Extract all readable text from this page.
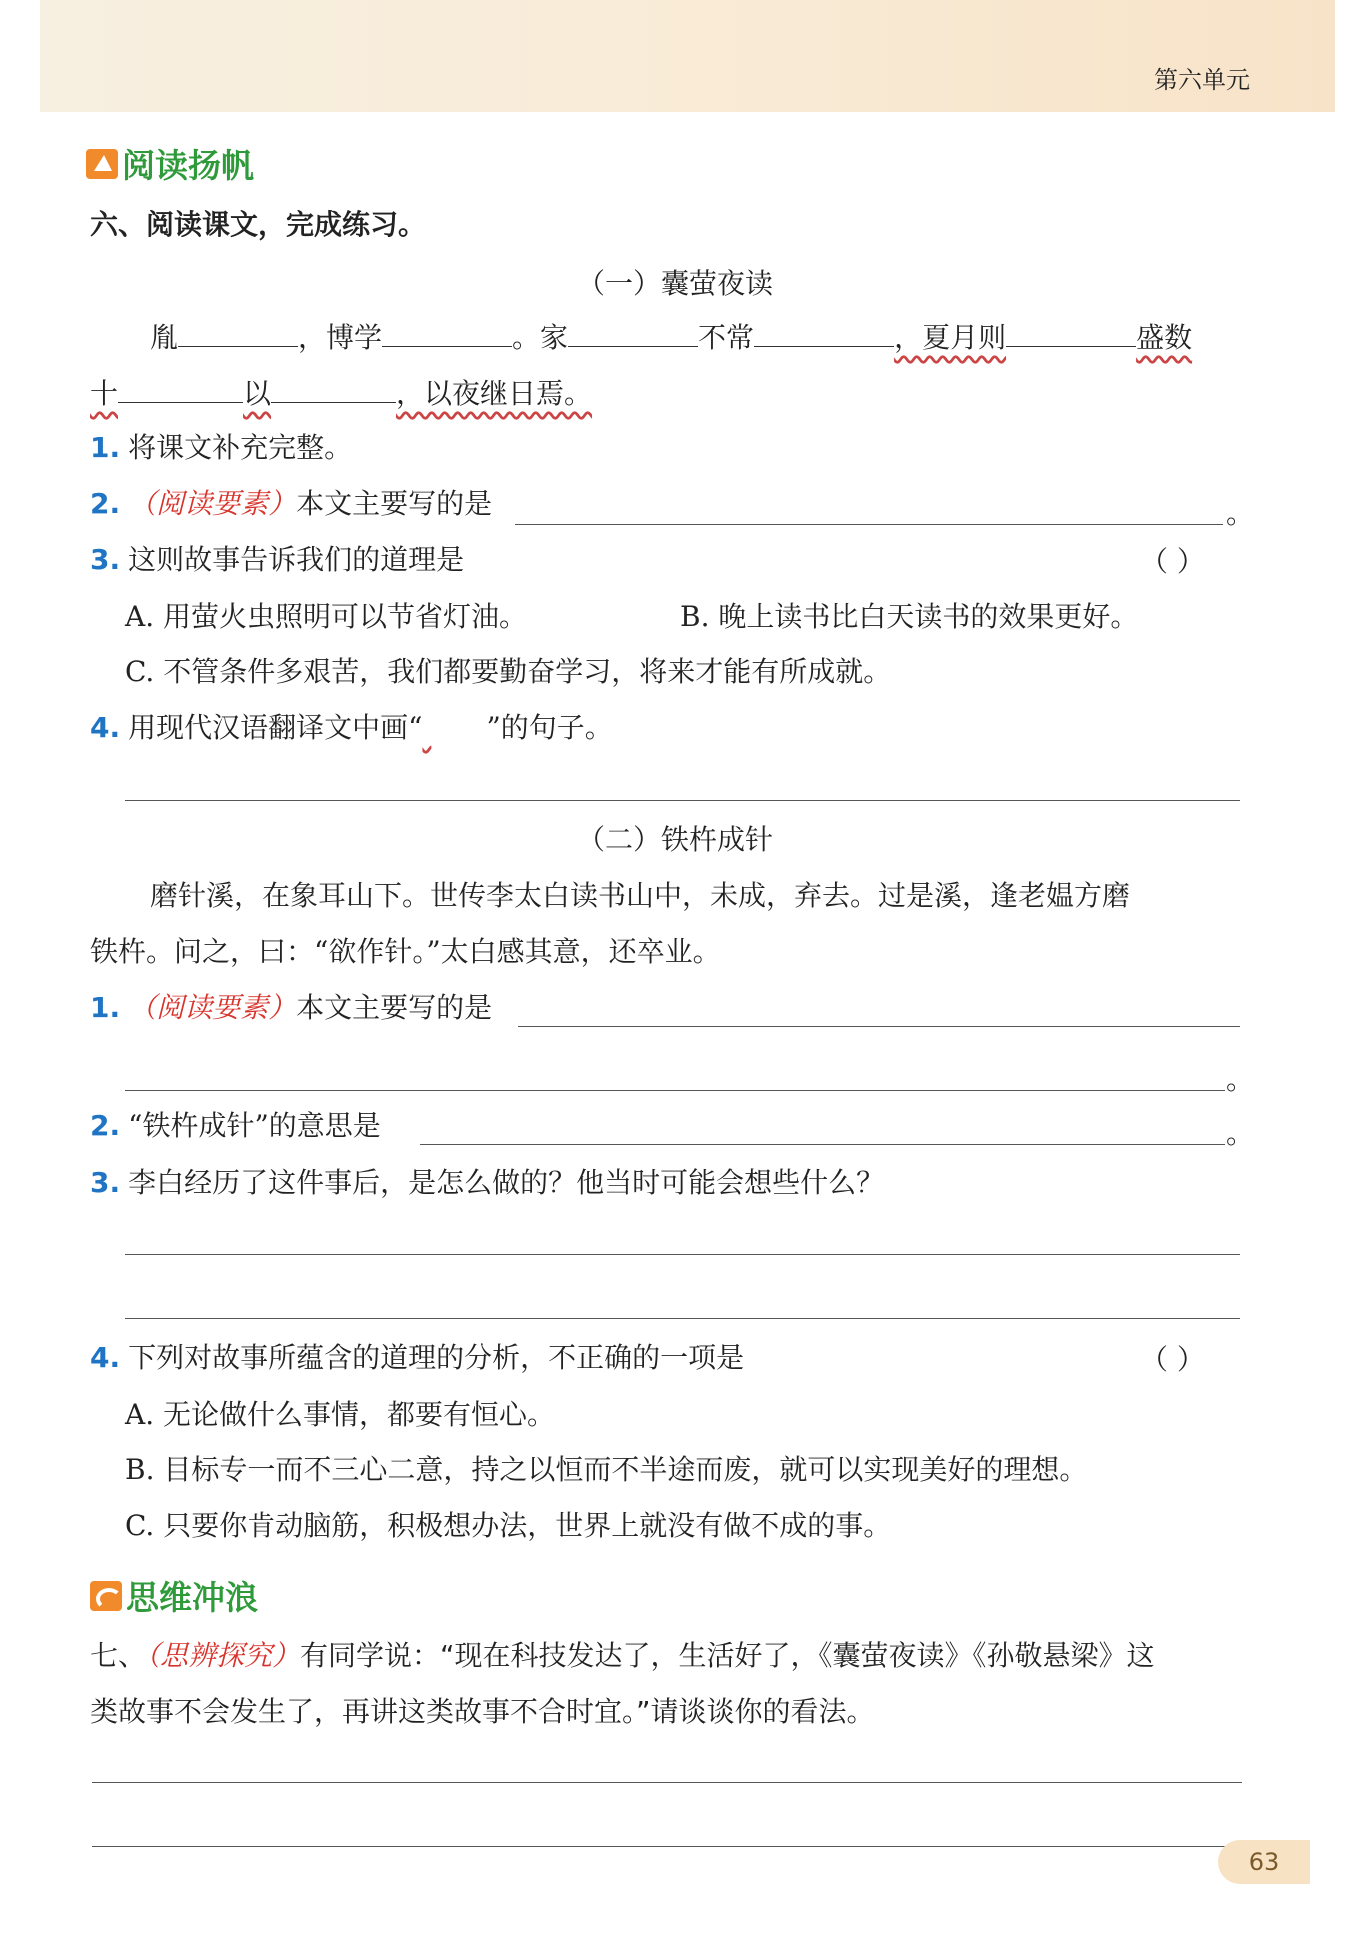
第六单元
阅读扬帆
六、阅读课文，完成练习。
（一）囊萤夜读
胤	，博学	。家	不常	，夏月则	盛数
十	以	，以夜继日焉。
1. 将课文补充完整。
2. （阅读要素）本文主要写的是	。
3. 这则故事告诉我们的道理是	（ ）
A. 用萤火虫照明可以节省灯油。	B. 晚上读书比白天读书的效果更好。
C. 不管条件多艰苦，我们都要勤奋学习，将来才能有所成就。
4. 用现代汉语翻译文中画“ ”的句子。
（二）铁杵成针
磨针溪，在象耳山下。世传李太白读书山中，未成，弃去。过是溪，逢老媪方磨
铁杵。问之，曰：“欲作针。”太白感其意，还卒业。
1. （阅读要素）本文主要写的是
。
2. “铁杵成针”的意思是	。
3. 李白经历了这件事后，是怎么做的？他当时可能会想些什么？
4. 下列对故事所蕴含的道理的分析，不正确的一项是	（ ）
A. 无论做什么事情，都要有恒心。
B. 目标专一而不三心二意，持之以恒而不半途而废，就可以实现美好的理想。
C. 只要你肯动脑筋，积极想办法，世界上就没有做不成的事。
思维冲浪
七、（思辨探究）有同学说：“现在科技发达了，生活好了，《囊萤夜读》《孙敬悬梁》这
类故事不会发生了，再讲这类故事不合时宜。”请谈谈你的看法。
63
